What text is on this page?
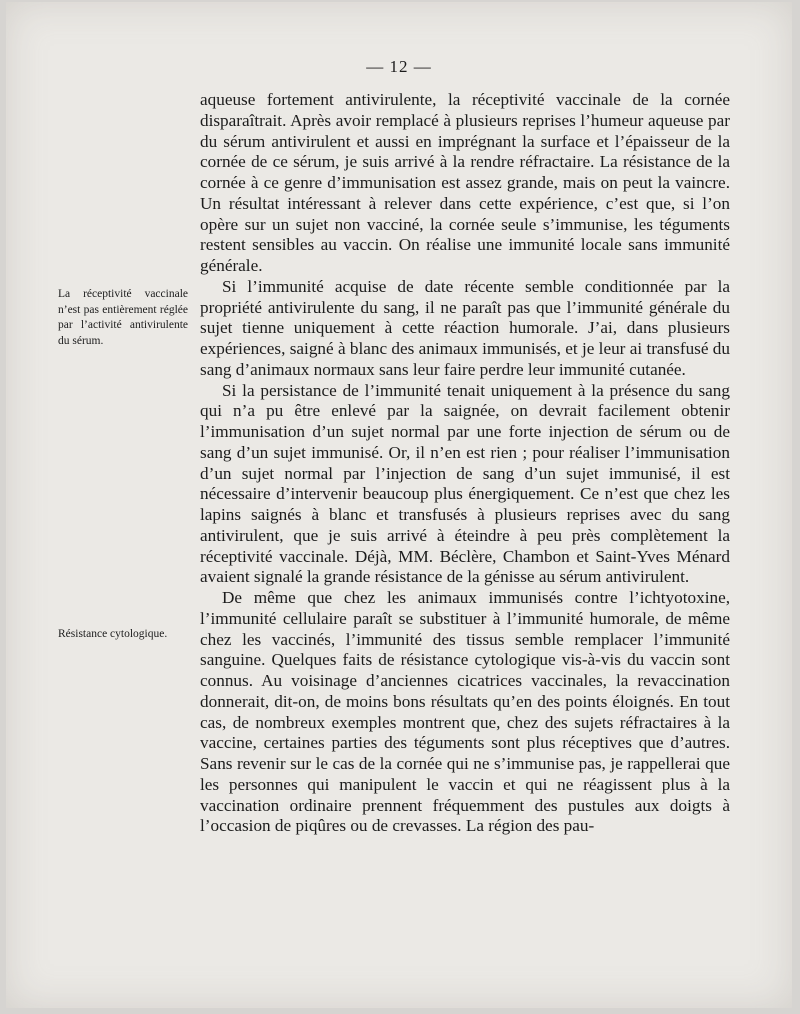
— 12 —
La réceptivité vaccinale n’est pas entièrement réglée par l’activité antivirulente du sérum.
Résistance cytologique.

aqueuse fortement antivirulente, la réceptivité vaccinale de la cornée disparaîtrait. Après avoir remplacé à plusieurs reprises l’humeur aqueuse par du sérum antivirulent et aussi en imprégnant la surface et l’épaisseur de la cornée de ce sérum, je suis arrivé à la rendre réfractaire. La résistance de la cornée à ce genre d’immunisation est assez grande, mais on peut la vaincre. Un résultat intéressant à relever dans cette expérience, c’est que, si l’on opère sur un sujet non vacciné, la cornée seule s’immunise, les téguments restent sensibles au vaccin. On réalise une immunité locale sans immunité générale.

Si l’immunité acquise de date récente semble conditionnée par la propriété antivirulente du sang, il ne paraît pas que l’immunité générale du sujet tienne uniquement à cette réaction humorale. J’ai, dans plusieurs expériences, saigné à blanc des animaux immunisés, et je leur ai transfusé du sang d’animaux normaux sans leur faire perdre leur immunité cutanée.

Si la persistance de l’immunité tenait uniquement à la présence du sang qui n’a pu être enlevé par la saignée, on devrait facilement obtenir l’immunisation d’un sujet normal par une forte injection de sérum ou de sang d’un sujet immunisé. Or, il n’en est rien ; pour réaliser l’immunisation d’un sujet normal par l’injection de sang d’un sujet immunisé, il est nécessaire d’intervenir beaucoup plus énergiquement. Ce n’est que chez les lapins saignés à blanc et transfusés à plusieurs reprises avec du sang antivirulent, que je suis arrivé à éteindre à peu près complètement la réceptivité vaccinale. Déjà, MM. Béclère, Chambon et Saint-Yves Ménard avaient signalé la grande résistance de la génisse au sérum antivirulent.

De même que chez les animaux immunisés contre l’ichtyotoxine, l’immunité cellulaire paraît se substituer à l’immunité humorale, de même chez les vaccinés, l’immunité des tissus semble remplacer l’immunité sanguine. Quelques faits de résistance cytologique vis-à-vis du vaccin sont connus. Au voisinage d’anciennes cicatrices vaccinales, la revaccination donnerait, dit-on, de moins bons résultats qu’en des points éloignés. En tout cas, de nombreux exemples montrent que, chez des sujets réfractaires à la vaccine, certaines parties des téguments sont plus réceptives que d’autres. Sans revenir sur le cas de la cornée qui ne s’immunise pas, je rappellerai que les personnes qui manipulent le vaccin et qui ne réagissent plus à la vaccination ordinaire prennent fréquemment des pustules aux doigts à l’occasion de piqûres ou de crevasses. La région des pau-
